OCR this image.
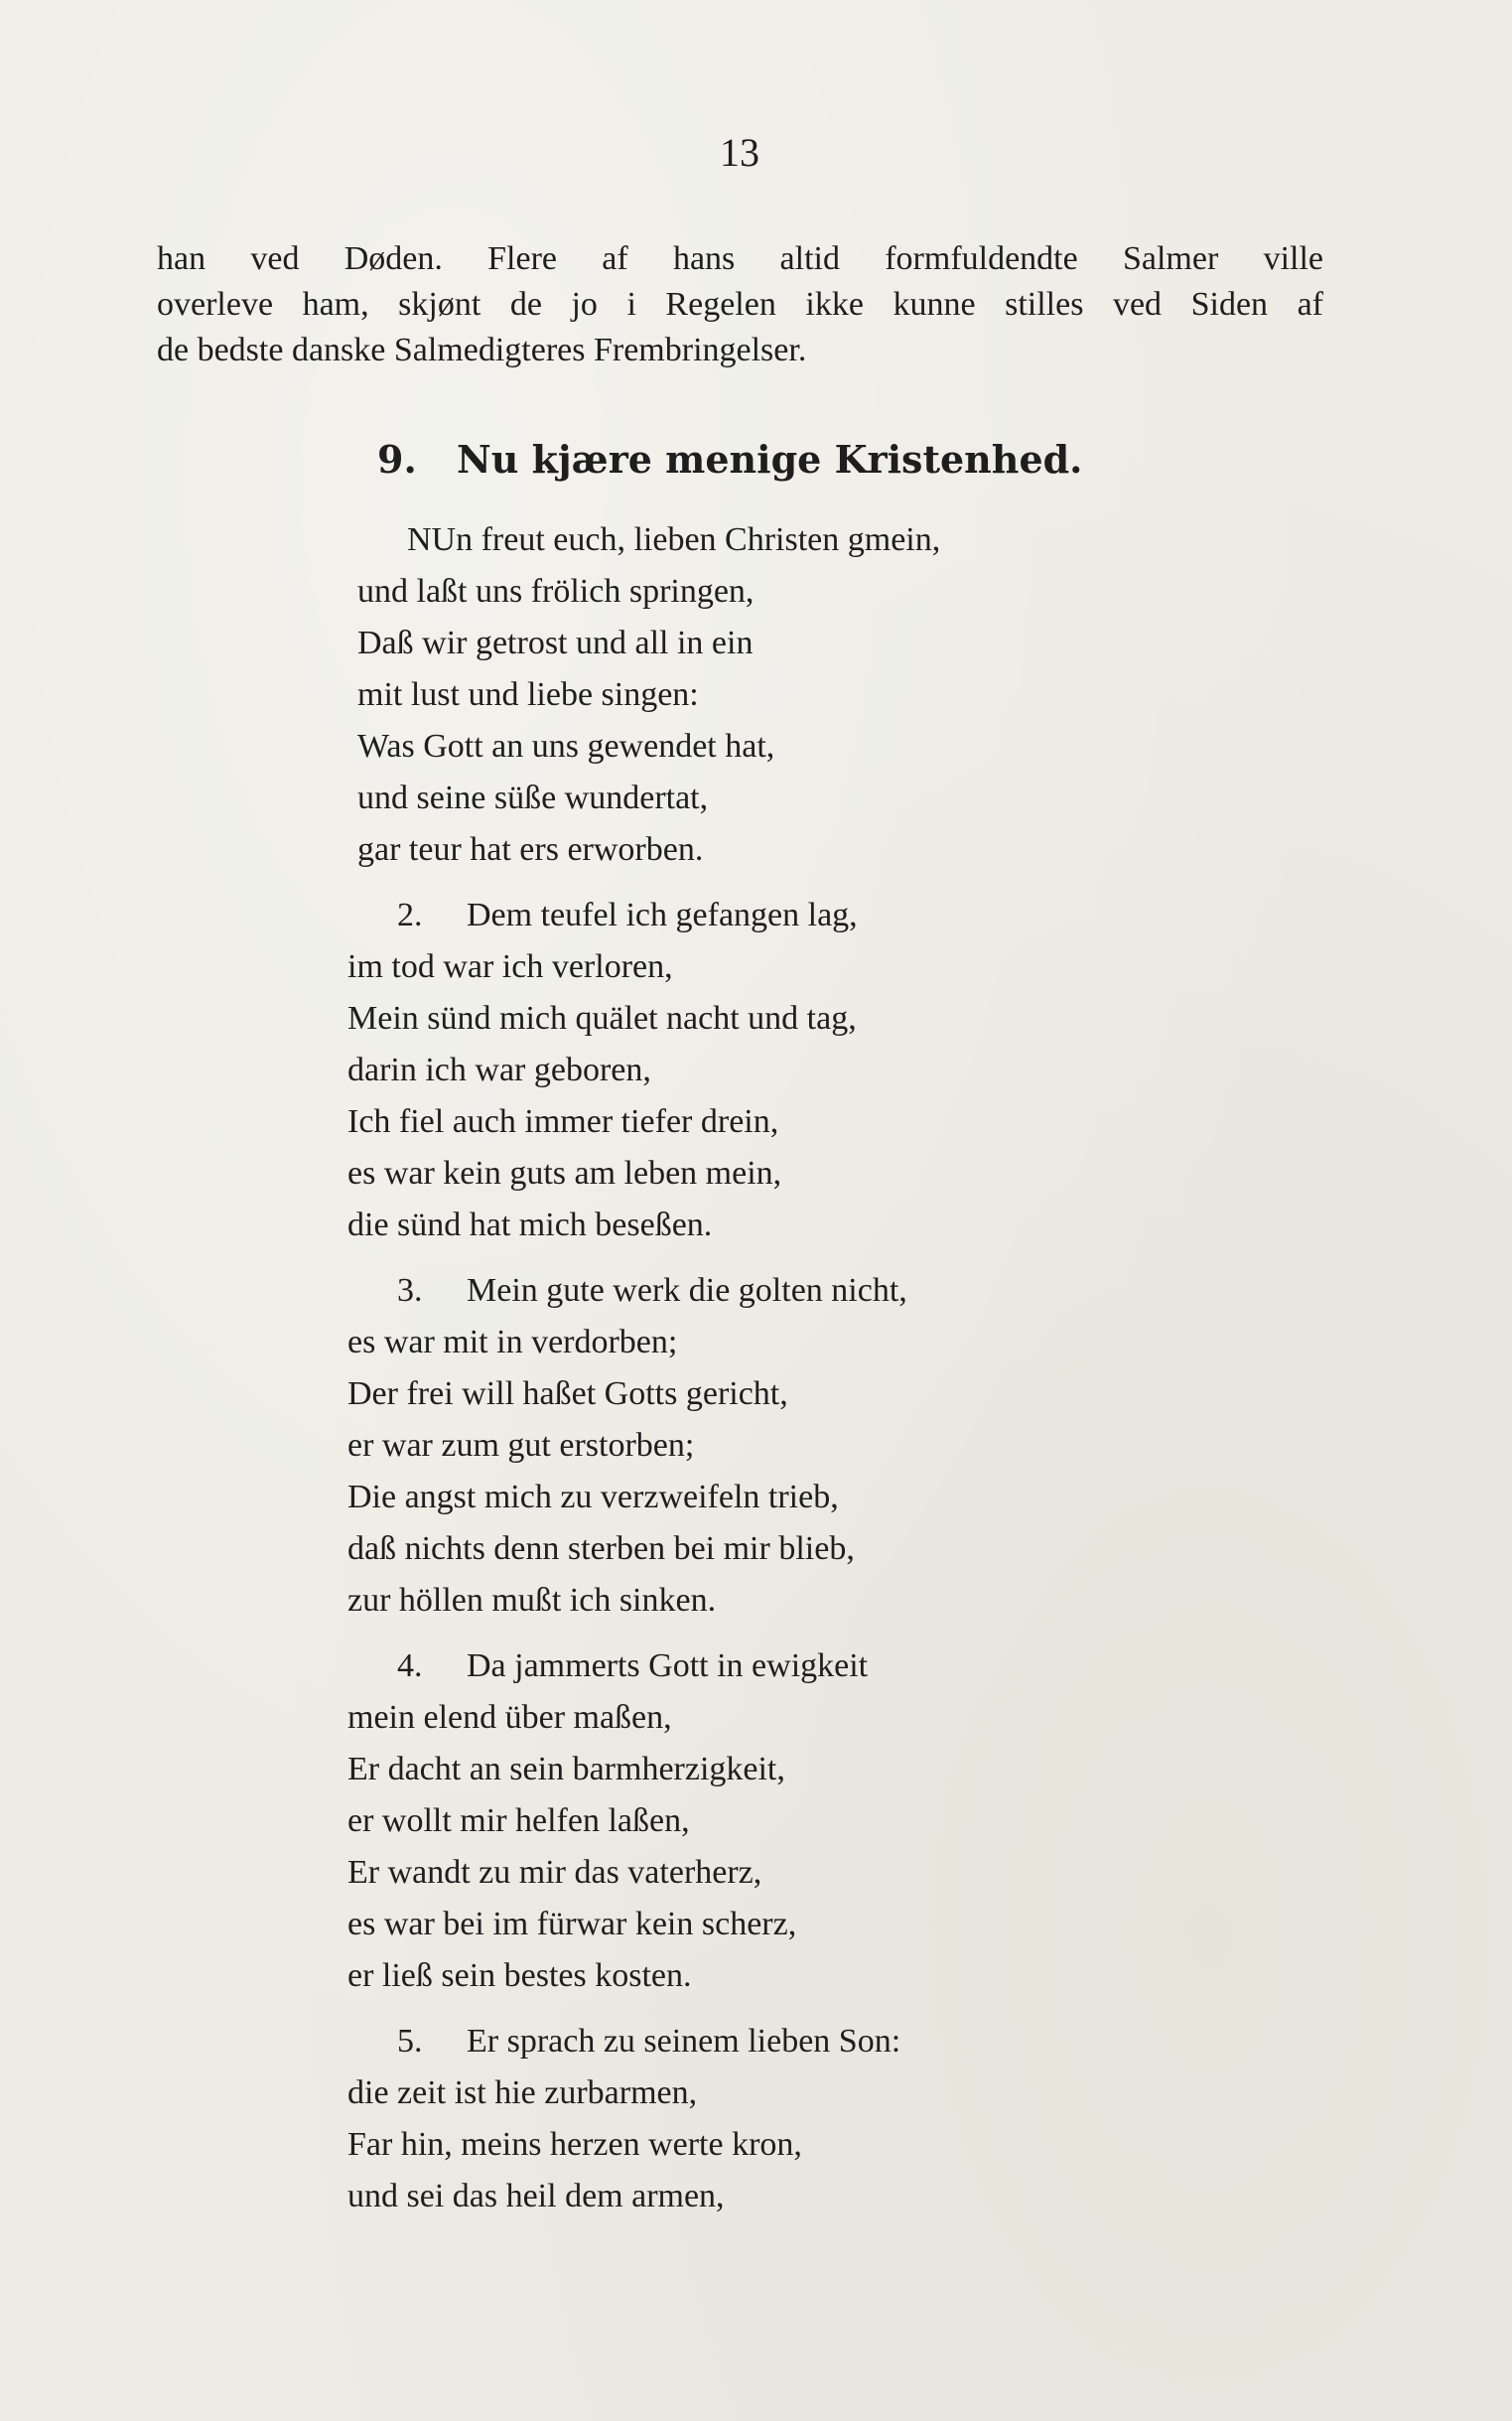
13
han ved Døden. Flere af hans altid formfuldendte Salmer ville
overleve ham, skjønt de jo i Regelen ikke kunne stilles ved Siden af
de bedste danske Salmedigteres Frembringelser.
9. Nu kjære menige Kristenhed.
NUn freut euch, lieben Christen gmein,
und laßt uns frölich springen,
Daß wir getrost und all in ein
mit lust und liebe singen:
Was Gott an uns gewendet hat,
und seine süße wundertat,
gar teur hat ers erworben.
2. Dem teufel ich gefangen lag,
im tod war ich verloren,
Mein sünd mich quälet nacht und tag,
darin ich war geboren,
Ich fiel auch immer tiefer drein,
es war kein guts am leben mein,
die sünd hat mich beseßen.
3. Mein gute werk die golten nicht,
es war mit in verdorben;
Der frei will haßet Gotts gericht,
er war zum gut erstorben;
Die angst mich zu verzweifeln trieb,
daß nichts denn sterben bei mir blieb,
zur höllen mußt ich sinken.
4. Da jammerts Gott in ewigkeit
mein elend über maßen,
Er dacht an sein barmherzigkeit,
er wollt mir helfen laßen,
Er wandt zu mir das vaterherz,
es war bei im fürwar kein scherz,
er ließ sein bestes kosten.
5. Er sprach zu seinem lieben Son:
die zeit ist hie zurbarmen,
Far hin, meins herzen werte kron,
und sei das heil dem armen,
